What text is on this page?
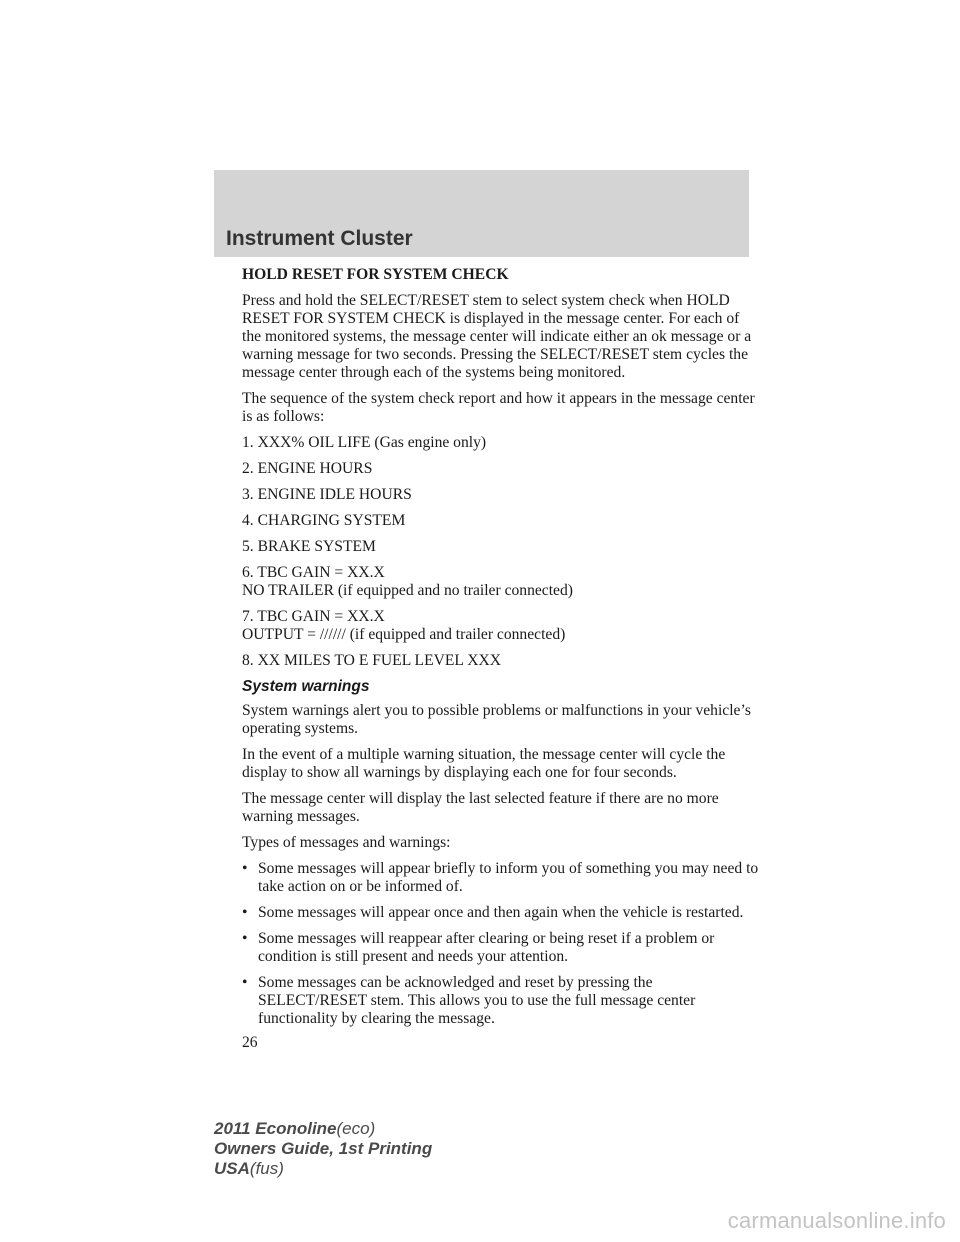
Instrument Cluster

HOLD RESET FOR SYSTEM CHECK

Press and hold the SELECT/RESET stem to select system check when HOLD RESET FOR SYSTEM CHECK is displayed in the message center. For each of the monitored systems, the message center will indicate either an ok message or a warning message for two seconds. Pressing the SELECT/RESET stem cycles the message center through each of the systems being monitored.

The sequence of the system check report and how it appears in the message center is as follows:

1. XXX% OIL LIFE (Gas engine only)

2. ENGINE HOURS

3. ENGINE IDLE HOURS

4. CHARGING SYSTEM

5. BRAKE SYSTEM

6. TBC GAIN = XX.X
NO TRAILER (if equipped and no trailer connected)

7. TBC GAIN = XX.X
OUTPUT = ////// (if equipped and trailer connected)

8. XX MILES TO E FUEL LEVEL XXX

System warnings

System warnings alert you to possible problems or malfunctions in your vehicle’s operating systems.

In the event of a multiple warning situation, the message center will cycle the display to show all warnings by displaying each one for four seconds.

The message center will display the last selected feature if there are no more warning messages.

Types of messages and warnings:

• Some messages will appear briefly to inform you of something you may need to take action on or be informed of.
• Some messages will appear once and then again when the vehicle is restarted.
• Some messages will reappear after clearing or being reset if a problem or condition is still present and needs your attention.
• Some messages can be acknowledged and reset by pressing the SELECT/RESET stem. This allows you to use the full message center functionality by clearing the message.
26
2011 Econoline(eco)
Owners Guide, 1st Printing
USA(fus)
carmanualsonline.info
